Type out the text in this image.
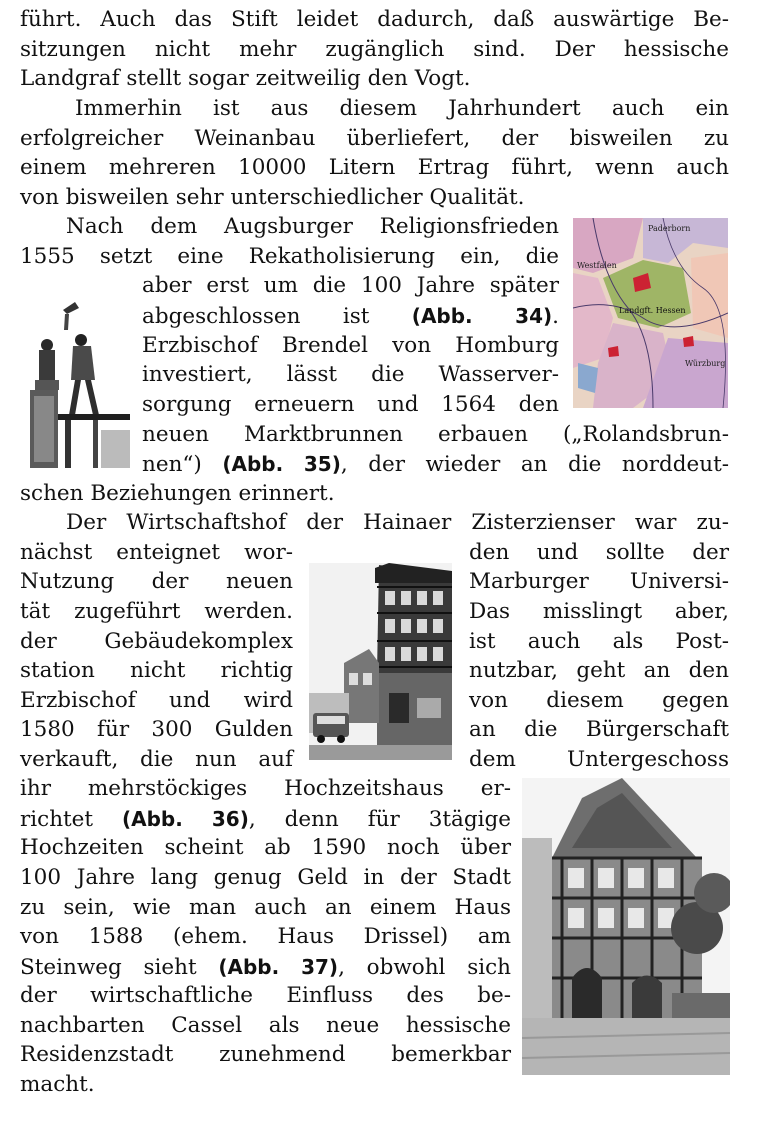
führt. Auch das Stift leidet dadurch, daß auswärtige Be-
sitzungen nicht mehr zugänglich sind. Der hessische
Landgraf stellt sogar zeitweilig den Vogt.
Immerhin ist aus diesem Jahrhundert auch ein
erfolgreicher Weinanbau überliefert, der bisweilen zu
einem mehreren 10000 Litern Ertrag führt, wenn auch
von bisweilen sehr unterschiedlicher Qualität.
Nach dem Augsburger Religionsfrieden
1555 setzt eine Rekatholisierung ein, die
aber erst um die 100 Jahre später
abgeschlossen ist (Abb. 34).
Erzbischof Brendel von Homburg
investiert, lässt die Wasserver-
sorgung erneuern und 1564 den
neuen Marktbrunnen erbauen („Rolandsbrun-
nen“) (Abb. 35), der wieder an die norddeut-
schen Beziehungen erinnert.
Der Wirtschaftshof der Hainaer Zisterzienser war zu-
nächst enteignet wor-
Nutzung der neuen
tät zugeführt werden.
der Gebäudekomplex
station nicht richtig
Erzbischof und wird
1580 für 300 Gulden
verkauft, die nun auf
den und sollte der
Marburger Universi-
Das misslingt aber,
ist auch als Post-
nutzbar, geht an den
von diesem gegen
an die Bürgerschaft
dem Untergeschoss
ihr mehrstöckiges Hochzeitshaus er-
richtet (Abb. 36), denn für 3tägige
Hochzeiten scheint ab 1590 noch über
100 Jahre lang genug Geld in der Stadt
zu sein, wie man auch an einem Haus
von 1588 (ehem. Haus Drissel) am
Steinweg sieht (Abb. 37), obwohl sich
der wirtschaftliche Einfluss des be-
nachbarten Cassel als neue hessische
Residenzstadt zunehmend bemerkbar
macht.
Paderborn
Westfalen
Landgft. Hessen
Würzburg
